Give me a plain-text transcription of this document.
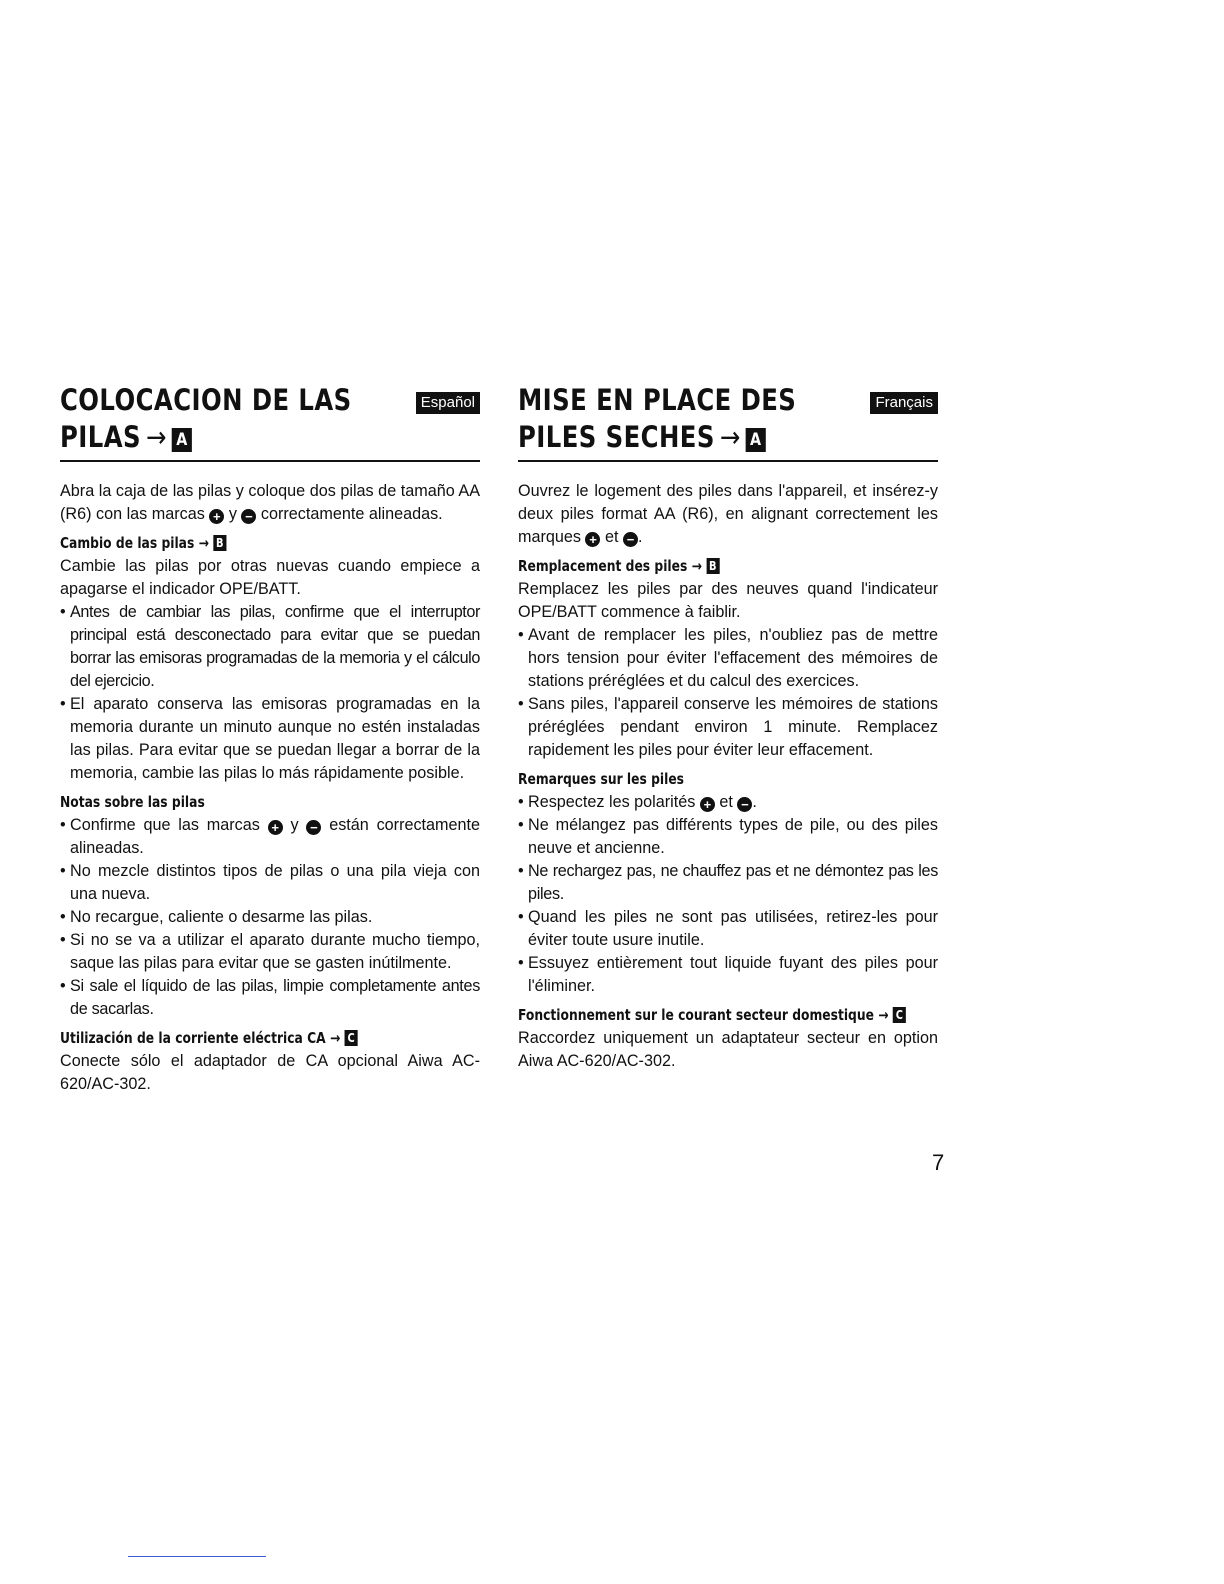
COLOCACION DE LAS
PILAS → A
Español

Abra la caja de las pilas y coloque dos pilas de tamaño AA (R6) con las marcas + y − correctamente alineadas.

Cambio de las pilas → B

Cambie las pilas por otras nuevas cuando empiece a apagarse el indicador OPE/BATT.

• Antes de cambiar las pilas, confirme que el interruptor principal está desconectado para evitar que se puedan borrar las emisoras programadas de la memoria y el cálculo del ejercicio.
• El aparato conserva las emisoras programadas en la memoria durante un minuto aunque no estén instaladas las pilas. Para evitar que se puedan llegar a borrar de la memoria, cambie las pilas lo más rápidamente posible.
Notas sobre las pilas
• Confirme que las marcas + y − están correctamente alineadas.
• No mezcle distintos tipos de pilas o una pila vieja con una nueva.
• No recargue, caliente o desarme las pilas.
• Si no se va a utilizar el aparato durante mucho tiempo, saque las pilas para evitar que se gasten inútilmente.
• Si sale el líquido de las pilas, limpie completamente antes de sacarlas.
Utilización de la corriente eléctrica CA → C

Conecte sólo el adaptador de CA opcional Aiwa AC-620/AC-302.

MISE EN PLACE DES
PILES SECHES → A
Français

Ouvrez le logement des piles dans l'appareil, et insérez-y deux piles format AA (R6), en alignant correctement les marques + et − .

Remplacement des piles → B

Remplacez les piles par des neuves quand l'indicateur OPE/BATT commence à faiblir.

• Avant de remplacer les piles, n'oubliez pas de mettre hors tension pour éviter l'effacement des mémoires de stations préréglées et du calcul des exercices.
• Sans piles, l'appareil conserve les mémoires de stations préréglées pendant environ 1 minute. Remplacez rapidement les piles pour éviter leur effacement.
Remarques sur les piles
• Respectez les polarités + et − .
• Ne mélangez pas différents types de pile, ou des piles neuve et ancienne.
• Ne rechargez pas, ne chauffez pas et ne démontez pas les piles.
• Quand les piles ne sont pas utilisées, retirez-les pour éviter toute usure inutile.
• Essuyez entièrement tout liquide fuyant des piles pour l'éliminer.
Fonctionnement sur le courant secteur domestique → C

Raccordez uniquement un adaptateur secteur en option Aiwa AC-620/AC-302.

7
